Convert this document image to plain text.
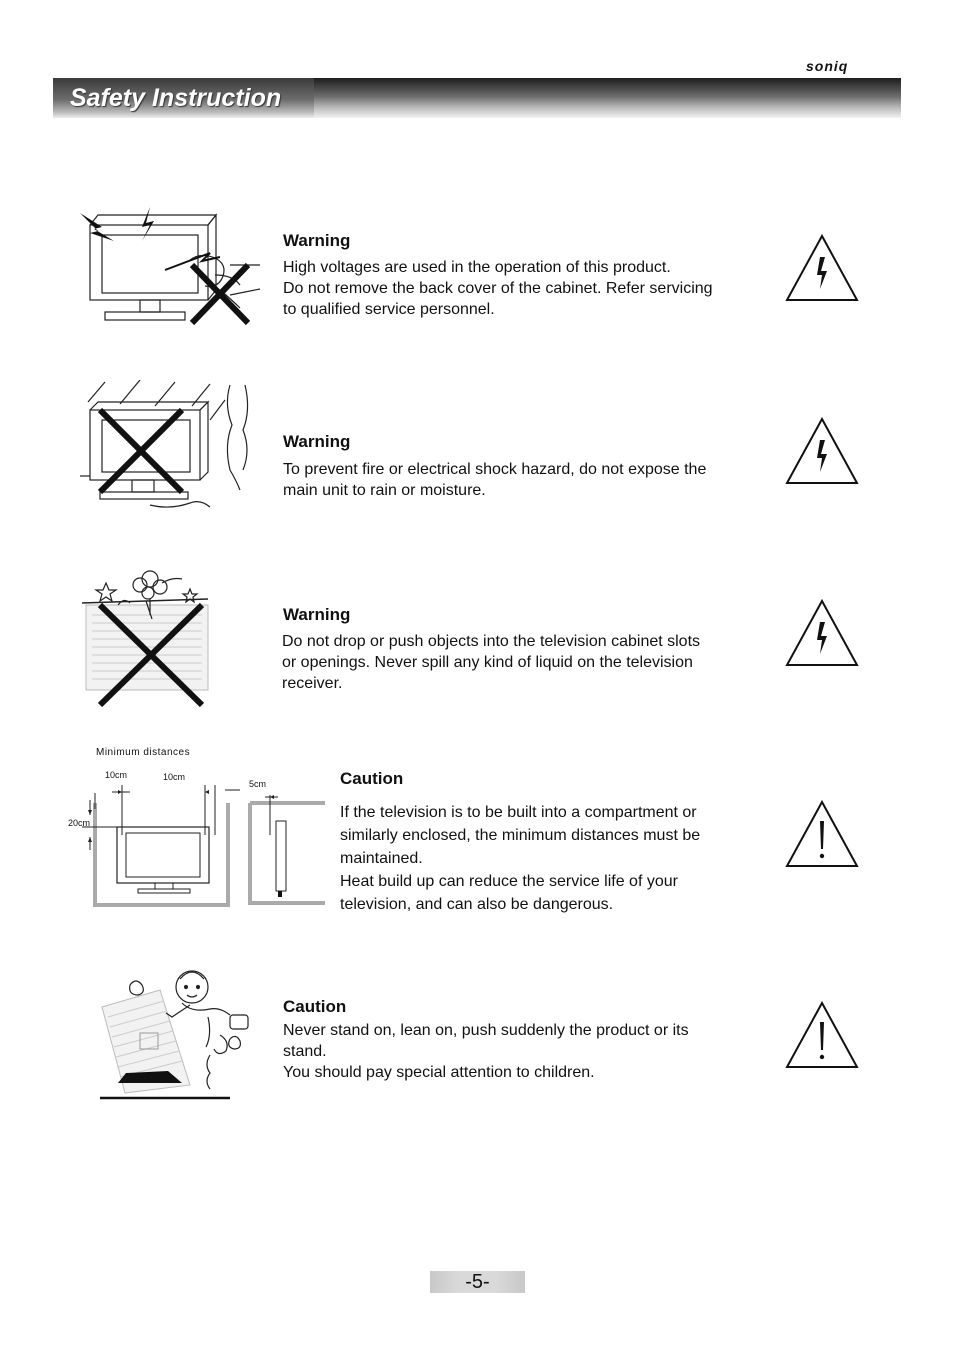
soniq
Safety Instruction
Warning
High voltages are used in the operation of this product.
Do not remove the back cover of the cabinet. Refer servicing
to qualified service personnel.
Warning
To prevent fire or electrical shock hazard, do not expose the
main unit to rain or moisture.
Warning
Do not drop or push objects into the television cabinet slots
or openings. Never spill any kind of liquid on the television
receiver.
Minimum distances
10cm	10cm
5cm
20cm
Caution
If the television is to be built into a compartment or
similarly enclosed, the minimum distances must be
maintained.
Heat build up can reduce the service life of your
television, and can also be dangerous.
Caution
Never stand on, lean on, push suddenly the product or its
stand.
You should pay special attention to children.
-5-
